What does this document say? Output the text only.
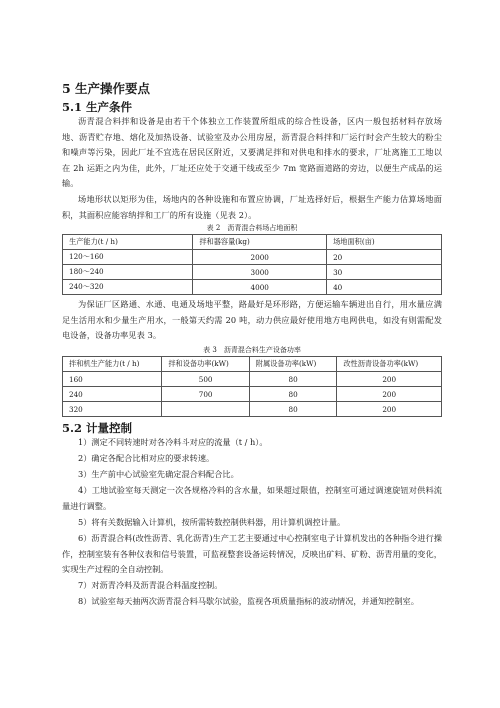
5 生产操作要点
5.1 生产条件
沥青混合料拌和设备是由若干个体独立工作装置所组成的综合性设备，区内一般包括材料存放场地、沥青贮存地、熔化及加热设备、试验室及办公用房屋，沥青混合料拌和厂运行时会产生较大的粉尘和噪声等污染，因此厂址不宜选在居民区附近，又要满足拌和对供电和排水的要求，厂址离施工工地以在 2h 运距之内为佳，此外，厂址还应处于交通干线或至少 7m 宽路面道路的旁边，以便生产成品的运输。
场地形状以矩形为佳，场地内的各种设施和布置应协调，厂址选择好后，根据生产能力估算场地面积，其面积应能容纳拌和工厂的所有设施（见表 2）。
表 2　沥青混合料场占地面积
生产能力(t / h)	拌和器容量(kg)	场地面积(亩)
120～160	2000	20
180～240	3000	30
240～320	4000	40
为保证厂区路通、水通、电通及场地平整，路最好是环形路，方便运输车辆进出自行，用水量应满足生活用水和少量生产用水，一般第天约需 20 吨，动力供应最好使用地方电网供电，如没有则需配发电设备，设备功率见表 3。
表 3　沥青混合料生产设备功率
拌和机生产能力(t / h)	拌和设备功率(kW)	附属设备功率(kW)	改性沥青设备功率(kW)
160	500	80	200
240	700	80	200
320		80	200
5.2 计量控制
1）测定不同转速时对各冷料斗对应的流量（t / h）。
2）确定各配合比相对应的要求转速。
3）生产前中心试验室先确定混合料配合比。
4）工地试验室每天测定一次各规格冷料的含水量，如果超过限值，控制室可通过调速旋钮对供料流量进行调整。
5）将有关数据输入计算机，按所需转数控制供料器，用计算机调控计量。
6）沥青混合料(改性沥青、乳化沥青)生产工艺主要通过中心控制室电子计算机发出的各种指令进行操作，控制室装有各种仪表和信号装置，可监视整套设备运转情况，反映出矿料、矿粉、沥青用量的变化，实现生产过程的全自动控制。
7）对沥青冷料及沥青混合料温度控制。
8）试验室每天抽两次沥青混合料马歇尔试验，监视各项质量指标的波动情况，并通知控制室。
